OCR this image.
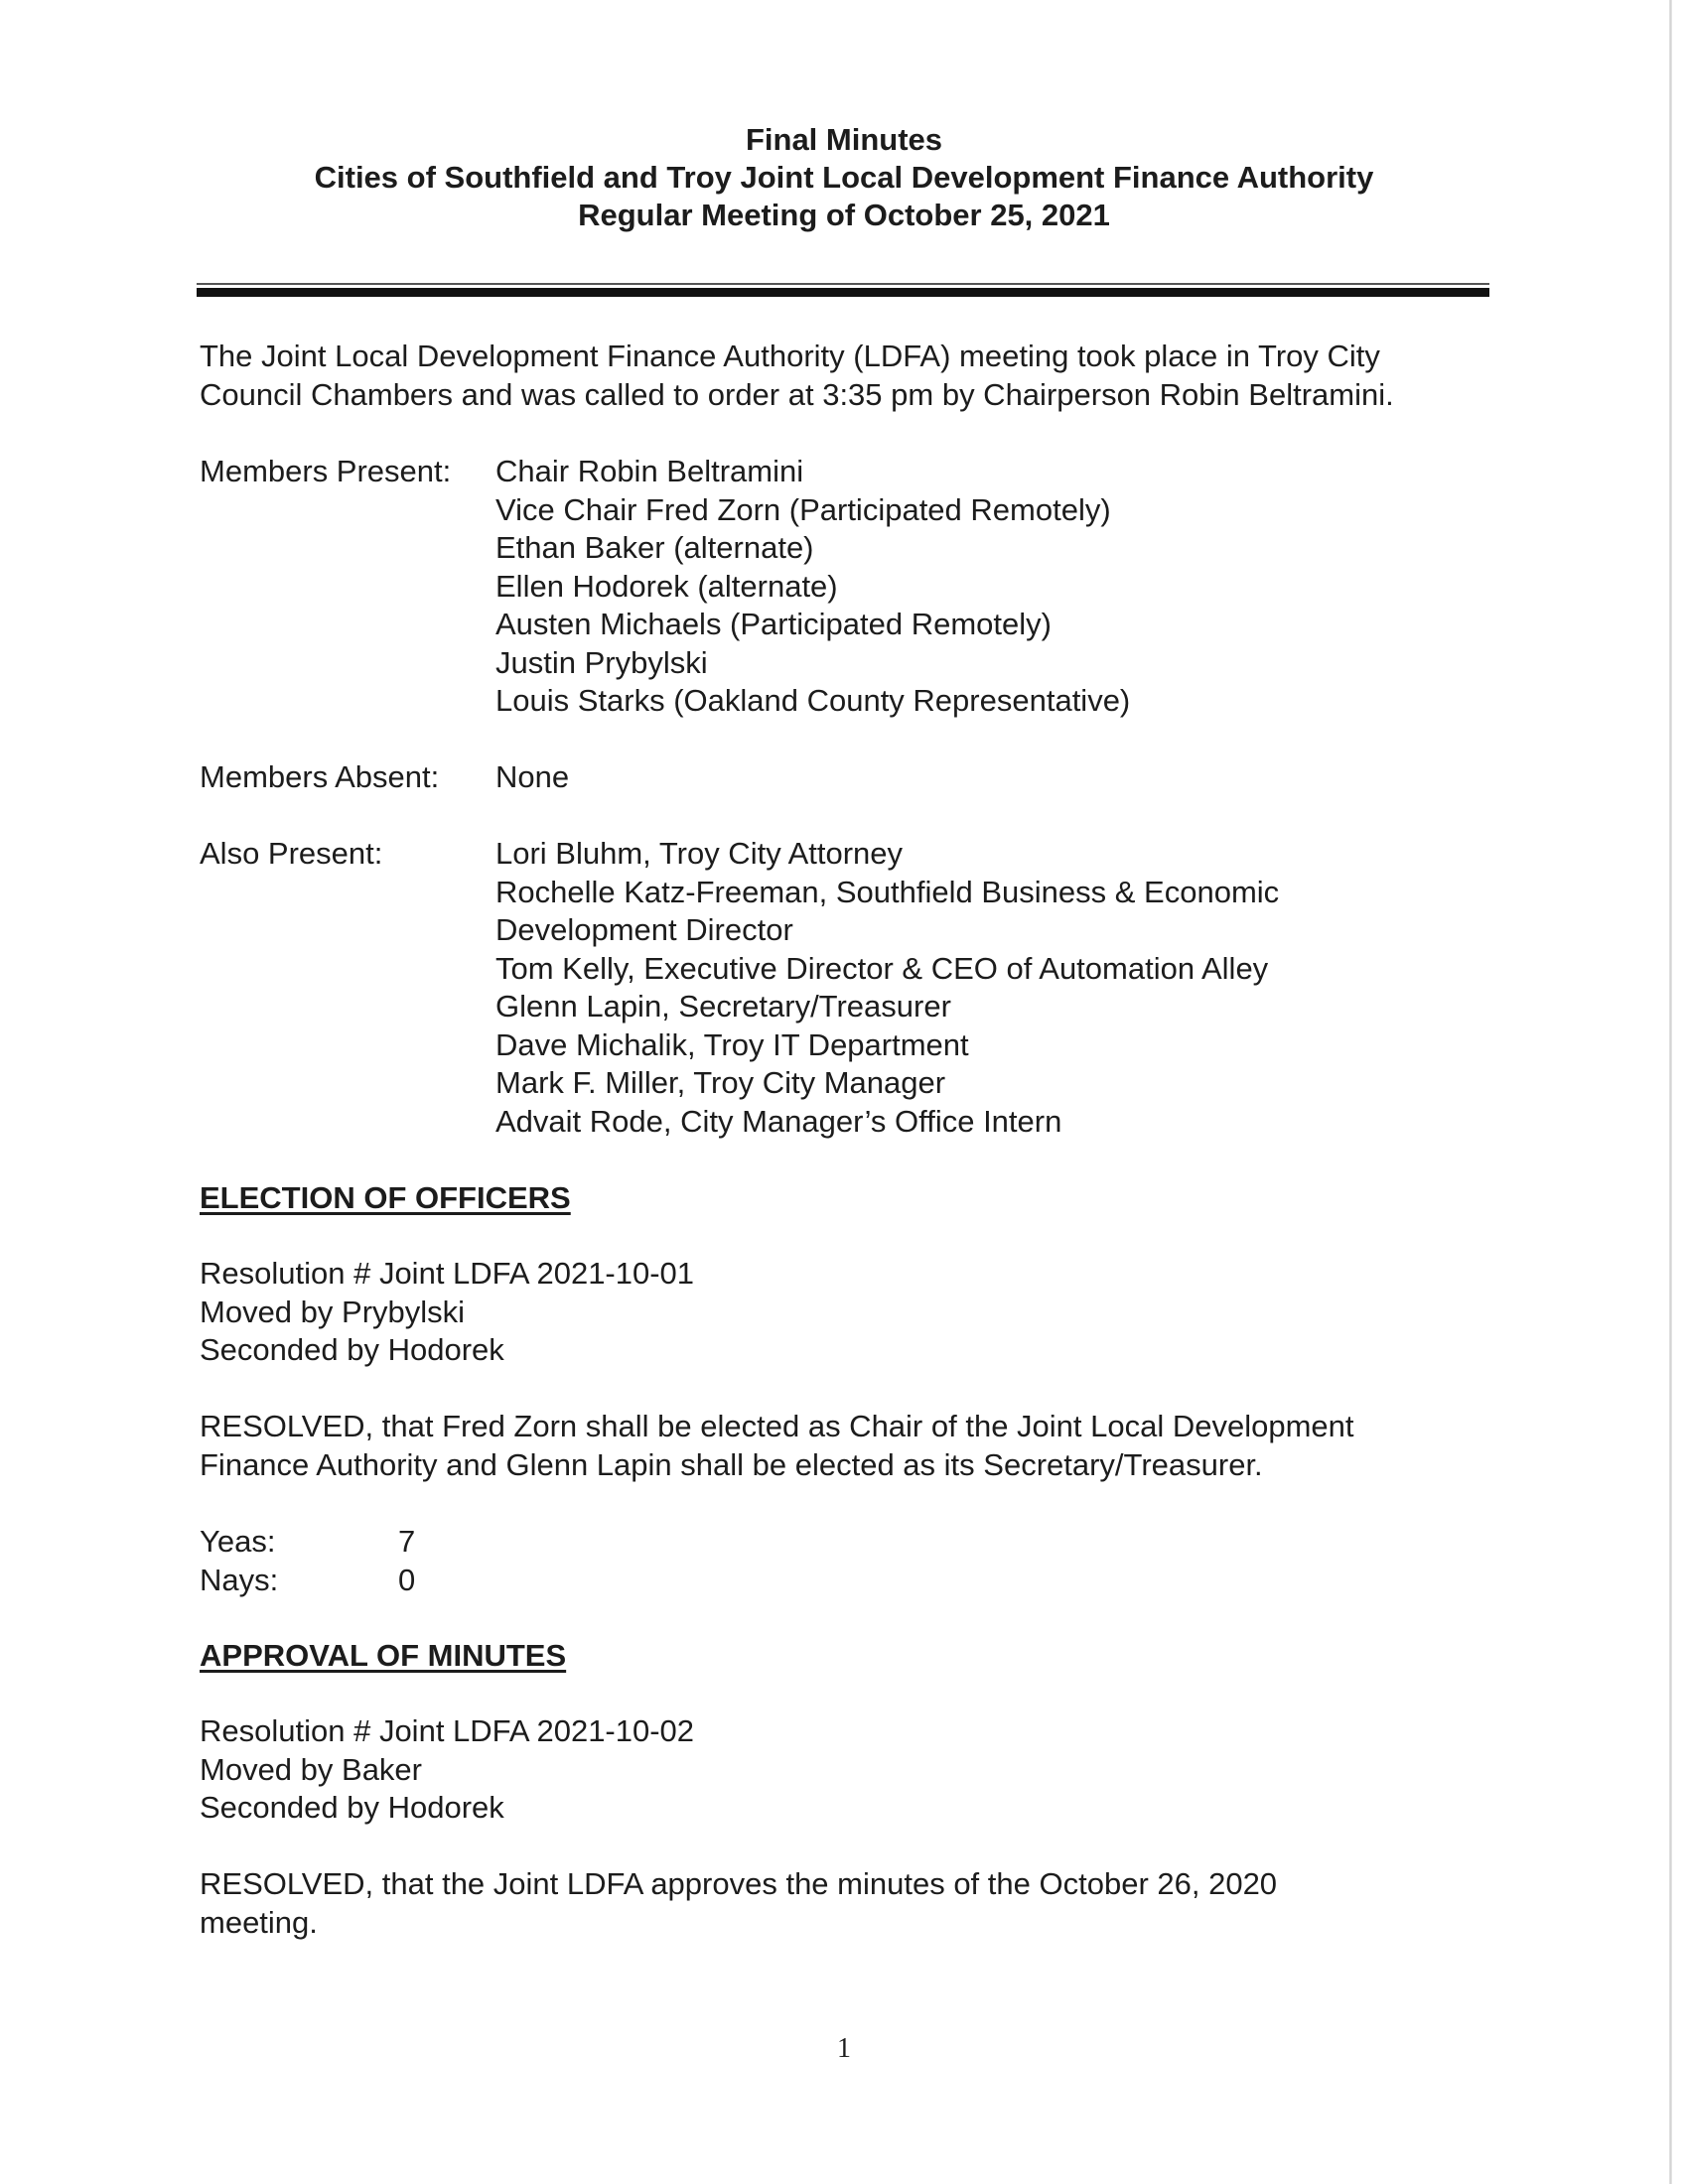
Final Minutes
Cities of Southfield and Troy Joint Local Development Finance Authority
Regular Meeting of October 25, 2021
The Joint Local Development Finance Authority (LDFA) meeting took place in Troy City
Council Chambers and was called to order at 3:35 pm by Chairperson Robin Beltramini.
Members Present: Chair Robin Beltramini
Vice Chair Fred Zorn (Participated Remotely)
Ethan Baker (alternate)
Ellen Hodorek (alternate)
Austen Michaels (Participated Remotely)
Justin Prybylski
Louis Starks (Oakland County Representative)
Members Absent: None
Also Present:	Lori Bluhm, Troy City Attorney
Rochelle Katz-Freeman, Southfield Business & Economic
Development Director
Tom Kelly, Executive Director & CEO of Automation Alley
Glenn Lapin, Secretary/Treasurer
Dave Michalik, Troy IT Department
Mark F. Miller, Troy City Manager
Advait Rode, City Manager’s Office Intern
ELECTION OF OFFICERS
Resolution # Joint LDFA 2021-10-01
Moved by Prybylski
Seconded by Hodorek
RESOLVED, that Fred Zorn shall be elected as Chair of the Joint Local Development
Finance Authority and Glenn Lapin shall be elected as its Secretary/Treasurer.
Yeas:	7
Nays:	0
APPROVAL OF MINUTES
Resolution # Joint LDFA 2021-10-02
Moved by Baker
Seconded by Hodorek
RESOLVED, that the Joint LDFA approves the minutes of the October 26, 2020
meeting.
1
